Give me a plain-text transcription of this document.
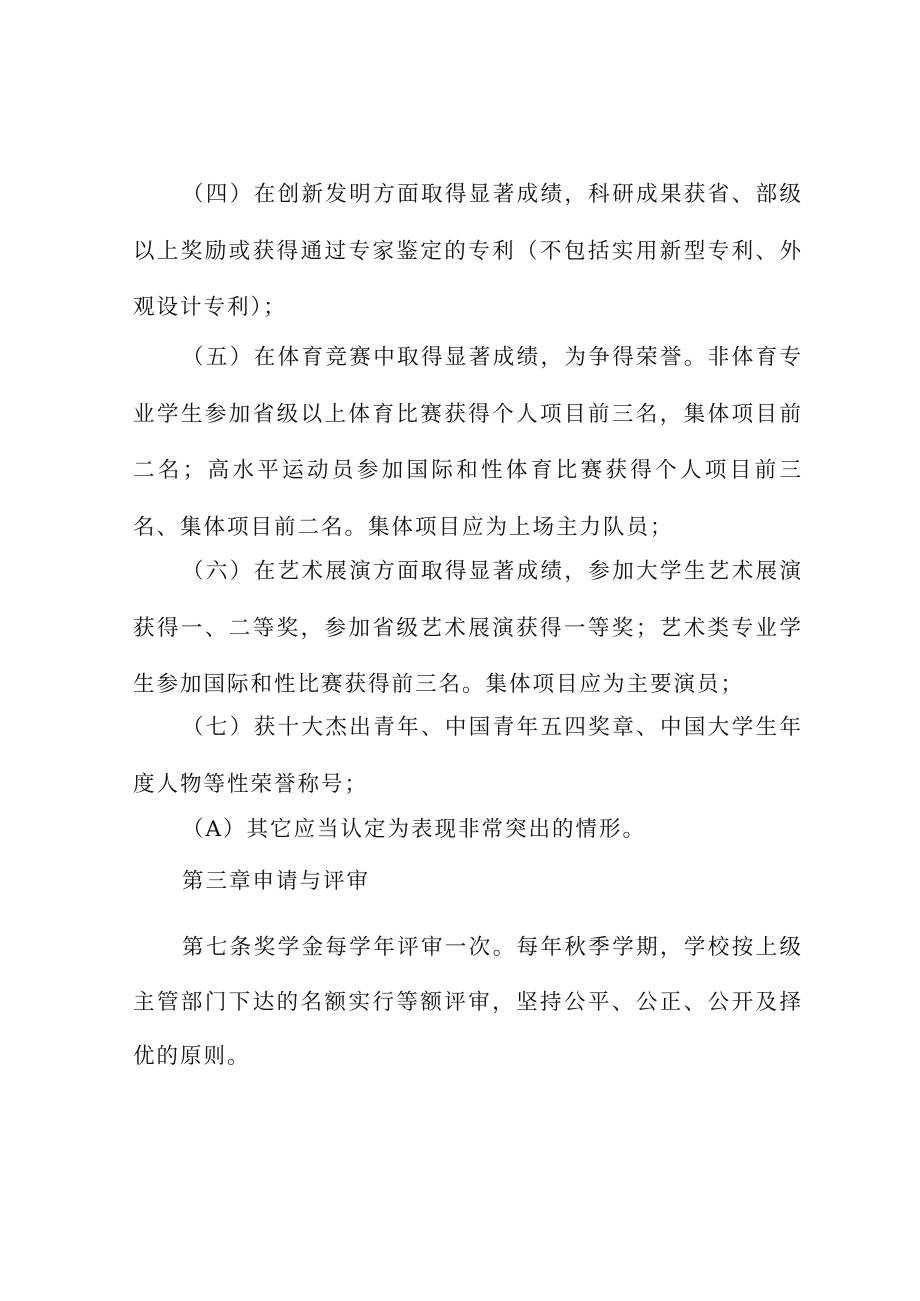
（四）在创新发明方面取得显著成绩，科研成果获省、部级以上奖励或获得通过专家鉴定的专利（不包括实用新型专利、外观设计专利）；

（五）在体育竞赛中取得显著成绩，为争得荣誉。非体育专业学生参加省级以上体育比赛获得个人项目前三名，集体项目前二名；高水平运动员参加国际和性体育比赛获得个人项目前三名、集体项目前二名。集体项目应为上场主力队员；

（六）在艺术展演方面取得显著成绩，参加大学生艺术展演获得一、二等奖，参加省级艺术展演获得一等奖；艺术类专业学生参加国际和性比赛获得前三名。集体项目应为主要演员；

（七）获十大杰出青年、中国青年五四奖章、中国大学生年度人物等性荣誉称号；

（A）其它应当认定为表现非常突出的情形。

第三章申请与评审

第七条奖学金每学年评审一次。每年秋季学期，学校按上级主管部门下达的名额实行等额评审，坚持公平、公正、公开及择优的原则。
